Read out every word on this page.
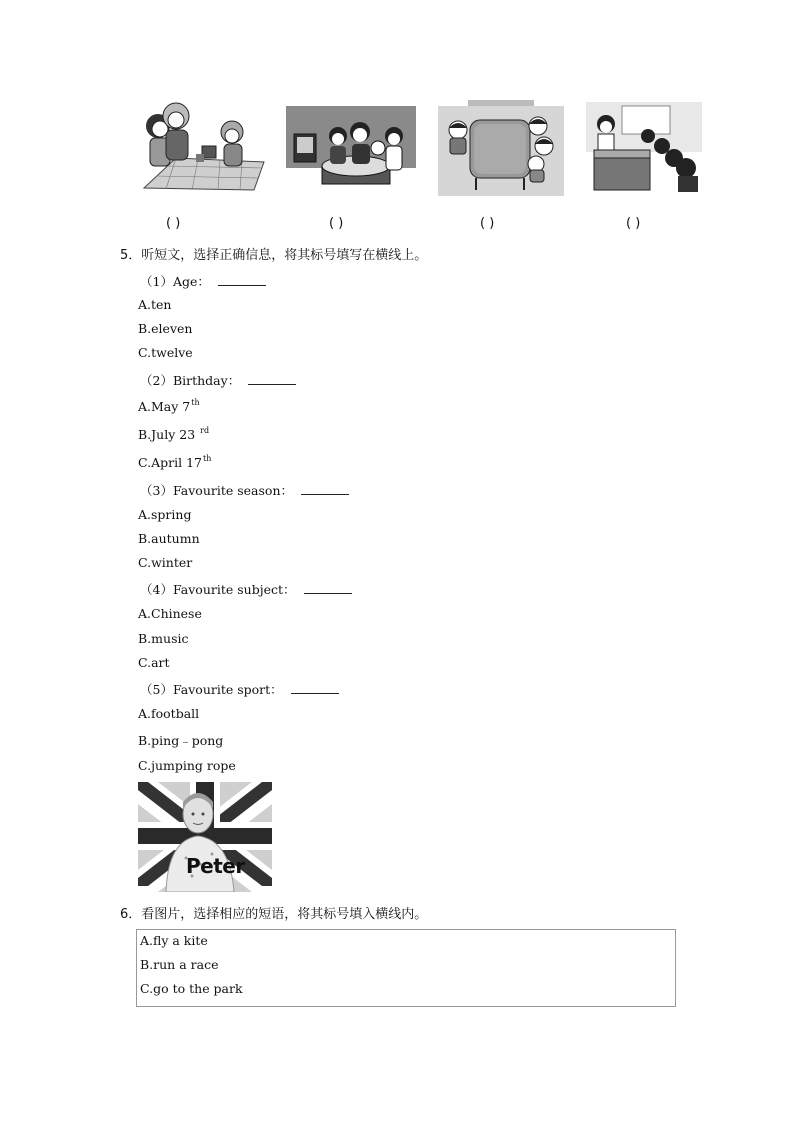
( )	( )	( )	( )
5．听短文，选择正确信息，将其标号填写在横线上。
（1）Age：
A.ten
B.eleven
C.twelve
（2）Birthday：
A.May 7th
B.July 23 $^{rd}$
C.April 17th
（3）Favourite season：
A.spring
B.autumn
C.winter
（4）Favourite subject：
A.Chinese
B.music
C.art
（5）Favourite sport：
A.football
B.ping﹣pong
C.jumping rope
Peter
6．看图片，选择相应的短语，将其标号填入横线内。
A.fly a kite
B.run a race
C.go to the park
